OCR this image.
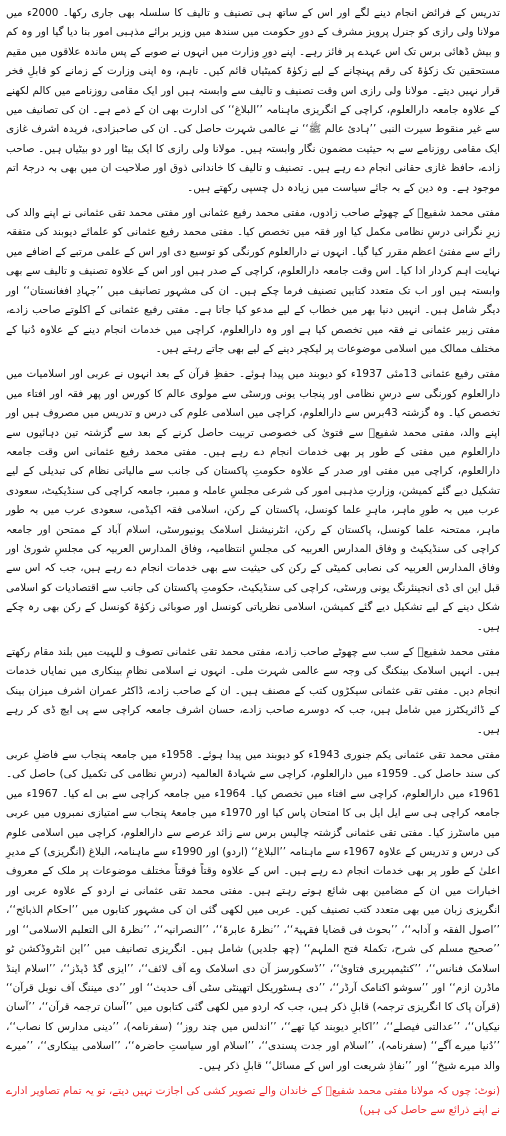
تدریس کے فرائض انجام دینے لگے اور اس کے ساتھ ہی تصنیف و تالیف کا سلسلہ بھی جاری رکھا۔ 2000ء میں مولانا ولی رازی کو جنرل پرویز مشرف کے دورِ حکومت میں سندھ میں وزیر برائے مذہبی امور بنا دیا گیا اور وہ کم و بیش ڈھائی برس تک اس عہدے پر فائز رہے۔ اپنے دورِ وزارت میں انہوں نے صوبے کے پس ماندہ علاقوں میں مقیم مستحقین تک زکوٰۃ کی رقم پہنچانے کے لیے زکوٰۃ کمیٹیاں قائم کیں۔ تاہم، وہ اپنی وزارت کے زمانے کو قابلِ فخر قرار نہیں دیتے۔ مولانا ولی رازی اس وقت تصنیف و تالیف سے وابستہ ہیں اور ایک مقامی روزنامے میں کالم لکھنے کے علاوہ جامعہ دارالعلوم، کراچی کے انگریزی ماہنامہ ’’البلاغ‘‘ کی ادارت بھی ان کے ذمے ہے۔ ان کی تصانیف میں سے غیر منقوط سیرت النبی ’’ہادیٔ عالم ﷺ‘‘ نے عالمی شہرت حاصل کی۔ ان کی صاحبزادی، فریدہ اشرف غازی ایک مقامی روزنامے سے بہ حیثیت مضمون نگار وابستہ ہیں۔ مولانا ولی رازی کا ایک بیٹا اور دو بیٹیاں ہیں۔ صاحب زادے، حافظ غازی حقانی انجام دے رہے ہیں۔ تصنیف و تالیف کا خاندانی ذوق اور صلاحیت ان میں بھی بہ درجۂ اتم موجود ہے۔ وہ دین کے بہ جائے سیاست میں زیادہ دل چسپی رکھتے ہیں۔

مفتی محمد شفیعؒ کے چھوٹے صاحب زادوں، مفتی محمد رفیع عثمانی اور مفتی محمد تقی عثمانی نے اپنے والد کی زیرِ نگرانی درسِ نظامی مکمل کیا اور فقہ میں تخصص کیا۔ مفتی محمد رفیع عثمانی کو علمائے دیوبند کی متفقہ رائے سے مفتیٔ اعظم مقرر کیا گیا۔ انہوں نے دارالعلوم کورنگی کو توسیع دی اور اس کے علمی مرتبے کے اضافے میں نہایت اہم کردار ادا کیا۔ اس وقت جامعہ دارالعلوم، کراچی کے صدر ہیں اور اس کے علاوہ تصنیف و تالیف سے بھی وابستہ ہیں اور اب تک متعدد کتابیں تصنیف فرما چکے ہیں۔ ان کی مشہور تصانیف میں ’’جہادِ افغانستان‘‘ اور دیگر شامل ہیں۔ انہیں دنیا بھر میں خطاب کے لیے مدعو کیا جاتا ہے۔ مفتی رفیع عثمانی کے اکلوتے صاحب زادے، مفتی زبیر عثمانی نے فقہ میں تخصص کیا ہے اور وہ دارالعلوم، کراچی میں خدمات انجام دینے کے علاوہ دُنیا کے مختلف ممالک میں اسلامی موضوعات پر لیکچر دینے کے لیے بھی جاتے رہتے ہیں۔

مفتی رفیع عثمانی 13مئی 1937ء کو دیوبند میں پیدا ہوئے۔ حفظِ قرآن کے بعد انہوں نے عربی اور اسلامیات میں دارالعلوم کورنگی سے درسِ نظامی اور پنجاب یونی ورسٹی سے مولوی عالم کا کورس اور پھر فقہ اور افتاء میں تخصص کیا۔ وہ گزشتہ 43برس سے دارالعلوم، کراچی میں اسلامی علوم کی درس و تدریس میں مصروف ہیں اور اپنے والد، مفتی محمد شفیعؒ سے فتویٰ کی خصوصی تربیت حاصل کرنے کے بعد سے گزشتہ تین دہائیوں سے دارالعلوم میں مفتی کے طور پر بھی خدمات انجام دے رہے ہیں۔ مفتی محمد رفیع عثمانی اس وقت جامعہ دارالعلوم، کراچی میں مفتی اور صدر کے علاوہ حکومتِ پاکستان کی جانب سے مالیاتی نظام کی تبدیلی کے لیے تشکیل دیے گئے کمیشن، وزارتِ مذہبی امور کی شرعی مجلسِ عاملہ و ممبر، جامعہ کراچی کی سنڈیکیٹ، سعودی عرب میں بہ طورِ ماہر، ماہرِ علما کونسل، پاکستان کے رکن، اسلامی فقہ اکیڈمی، سعودی عرب میں بہ طور ماہر، ممتحنہ علما کونسل، پاکستان کے رکن، انٹرنیشنل اسلامک یونیورسٹی، اسلام آباد کے ممتحن اور جامعہ کراچی کی سنڈیکیٹ و وفاق المدارس العربیہ کی مجلسِ انتظامیہ، وفاق المدارس العربیہ کی مجلسِ شوریٰ اور وفاق المدارس العربیہ کی نصابی کمیٹی کے رکن کی حیثیت سے بھی خدمات انجام دے رہے ہیں، جب کہ اس سے قبل این ای ڈی انجینئرنگ یونی ورسٹی، کراچی کی سنڈیکیٹ، حکومتِ پاکستان کی جانب سے اقتصادیات کو اسلامی شکل دینے کے لیے تشکیل دیے گئے کمیشن، اسلامی نظریاتی کونسل اور صوبائی زکوٰۃ کونسل کے رکن بھی رہ چکے ہیں۔

مفتی محمد شفیعؒ کے سب سے چھوٹے صاحب زادے، مفتی محمد تقی عثمانی تصوف و للہیت میں بلند مقام رکھتے ہیں۔ انہیں اسلامک بینکنگ کی وجہ سے عالمی شہرت ملی۔ انہوں نے اسلامی نظامِ بینکاری میں نمایاں خدمات انجام دیں۔ مفتی تقی عثمانی سیکڑوں کتب کے مصنف ہیں۔ ان کے صاحب زادے، ڈاکٹر عمران اشرف میزان بینک کے ڈائریکٹرز میں شامل ہیں، جب کہ دوسرے صاحب زادے، حسان اشرف جامعہ کراچی سے پی ایچ ڈی کر رہے ہیں۔

مفتی محمد تقی عثمانی یکم جنوری 1943ء کو دیوبند میں پیدا ہوئے۔ 1958ء میں جامعہ پنجاب سے فاضلِ عربی کی سند حاصل کی۔ 1959ء میں دارالعلوم، کراچی سے شہادۃ العالمیہ (درسِ نظامی کی تکمیل کی) حاصل کی۔ 1961ء میں دارالعلوم، کراچی سے افتاء میں تخصص کیا۔ 1964ء میں جامعہ کراچی سے بی اے کیا۔ 1967ء میں جامعہ کراچی ہی سے ایل ایل بی کا امتحان پاس کیا اور 1970ء میں جامعۂ پنجاب سے امتیازی نمبروں میں عربی میں ماسٹرز کیا۔ مفتی تقی عثمانی گزشتہ چالیس برس سے زائد عرصے سے دارالعلوم، کراچی میں اسلامی علوم کی درس و تدریس کے علاوہ 1967ء سے ماہنامہ ’’البلاغ‘‘ (اردو) اور 1990ء سے ماہنامہ، البلاغ (انگریزی) کے مدیرِ اعلیٰ کے طور پر بھی خدمات انجام دے رہے ہیں۔ اس کے علاوہ وقتاً فوقتاً مختلف موضوعات پر ملک کے معروف اخبارات میں ان کے مضامین بھی شائع ہوتے رہتے ہیں۔ مفتی محمد تقی عثمانی نے اردو کے علاوہ عربی اور انگریزی زبان میں بھی متعدد کتب تصنیف کیں۔ عربی میں لکھی گئی ان کی مشہور کتابوں میں ’’احکام الذبائح‘‘، ’’اصول الفقہ و آدابہ‘‘، ’’بحوث فی قضایا فقہیۃ‘‘، ’’نظرۃ عابرۃ‘‘، ’’النصرانیہ‘‘، ’’نظرۃ الی التعلیم الاسلامی‘‘ اور ’’صحیح مسلم کی شرح، تکملۃ فتح الملہم‘‘ (چھ جلدیں) شامل ہیں۔ انگریزی تصانیف میں ’’این انٹروڈکشن ٹو اسلامک فنانس‘‘، ’’کنٹیمپریری فتاویٰ‘‘، ’’ڈسکورسز آن دی اسلامک وے آف لائف‘‘، ’’ایزی گڈ ڈیڈز‘‘، ’’اسلام اینڈ ماڈرن ازم‘‘ اور ’’سوشو اکنامک آرڈر‘‘، ’’دی ہسٹوریکل اتھینٹی سٹی آف حدیث‘‘ اور ’’دی میننگ آف نوبل قرآن‘‘ (قرآن پاک کا انگریزی ترجمہ) قابلِ ذکر ہیں، جب کہ اردو میں لکھی گئی کتابوں میں ’’آسان ترجمہ قرآن‘‘، ’’آسان نیکیاں‘‘، ’’عدالتی فیصلے‘‘، ’’اکابرِ دیوبند کیا تھے‘‘، ’’اندلس میں چند روز‘‘ (سفرنامہ)، ’’دینی مدارس کا نصاب‘‘، ’’دُنیا میرے آگے‘‘ (سفرنامہ)، ’’اسلام اور جدت پسندی‘‘، ’’اسلام اور سیاستِ حاضرہ‘‘، ’’اسلامی بینکاری‘‘، ’’میرے والد میرے شیخ‘‘ اور ’’نفاذِ شریعت اور اس کے مسائل‘‘ قابلِ ذکر ہیں۔

(نوٹ: چوں کہ مولانا مفتی محمد شفیعؒ کے خاندان والے تصویر کشی کی اجازت نہیں دیتے، تو یہ تمام تصاویر ادارے نے اپنے ذرائع سے حاصل کی ہیں)
